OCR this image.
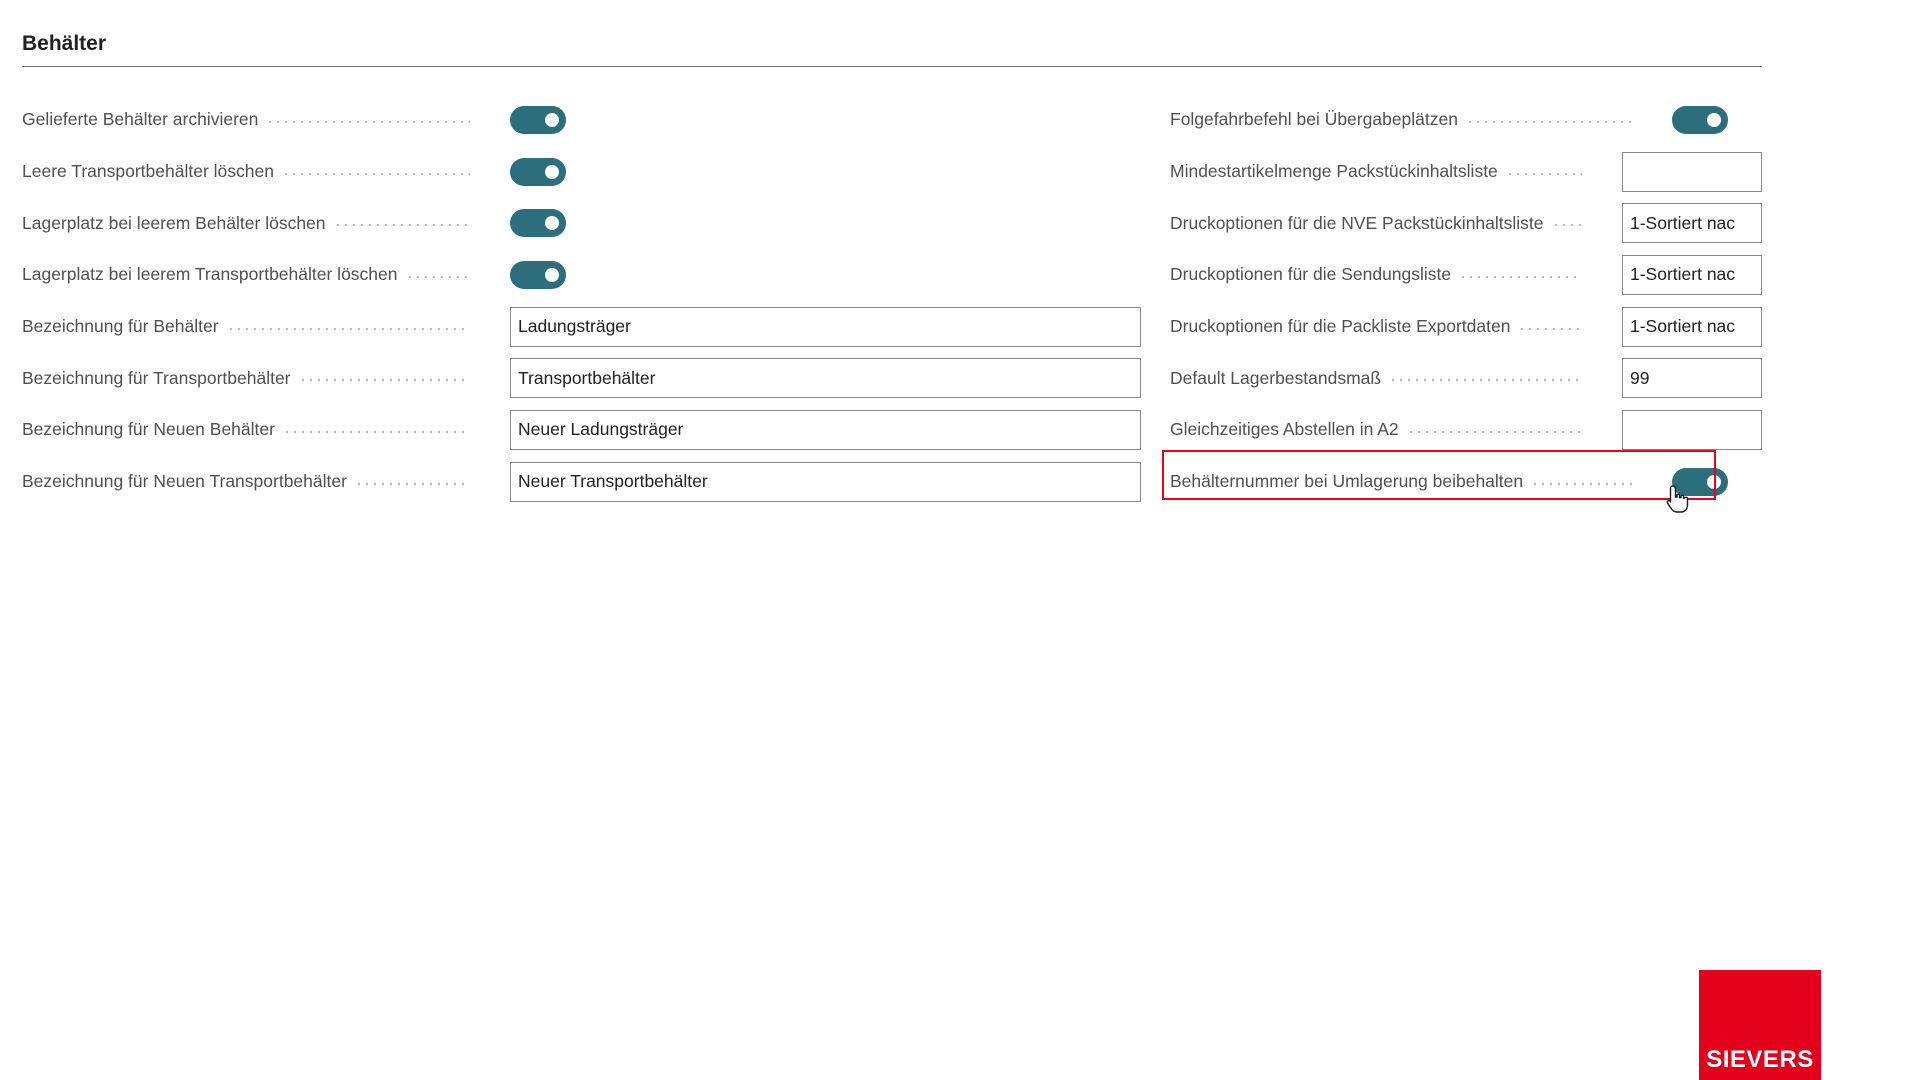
Behälter
Gelieferte Behälter archivieren
Leere Transportbehälter löschen
Lagerplatz bei leerem Behälter löschen
Lagerplatz bei leerem Transportbehälter löschen
Bezeichnung für Behälter
Ladungsträger
Bezeichnung für Transportbehälter
Transportbehälter
Bezeichnung für Neuen Behälter
Neuer Ladungsträger
Bezeichnung für Neuen Transportbehälter
Neuer Transportbehälter
Folgefahrbefehl bei Übergabeplätzen
Mindestartikelmenge Packstückinhaltsliste
Druckoptionen für die NVE Packstückinhaltsliste
1-Sortiert nac
Druckoptionen für die Sendungsliste
1-Sortiert nac
Druckoptionen für die Packliste Exportdaten
1-Sortiert nac
Default Lagerbestandsmaß
99
Gleichzeitiges Abstellen in A2
Behälternummer bei Umlagerung beibehalten
SIEVERS
